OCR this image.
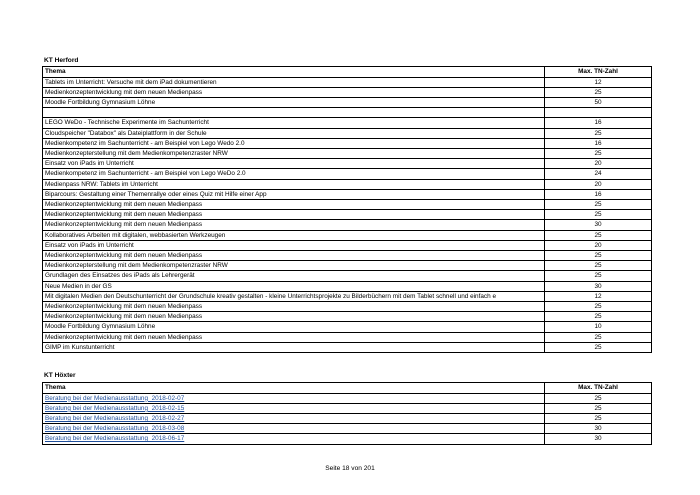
KT Herford
Thema	Max. TN-Zahl
Tablets im Unterricht: Versuche mit dem iPad dokumentieren	12
Medienkonzeptentwicklung mit dem neuen Medienpass	25
Moodle Fortbildung Gymnasium Löhne	50

LEGO WeDo - Technische Experimente im Sachunterricht	16
Cloudspeicher "Databox" als Dateiplattform in der Schule	25
Medienkompetenz im Sachunterricht - am Beispiel von Lego Wedo 2.0	16
Medienkonzepterstellung mit dem Medienkompetenzraster NRW	25
Einsatz von iPads im Unterricht	20
Medienkompetenz im Sachunterricht - am Beispiel von Lego WeDo 2.0	24
Medienpass NRW: Tablets im Unterricht	20
Biparcours: Gestaltung einer Themenrallye oder eines Quiz mit Hilfe einer App	16
Medienkonzeptentwicklung mit dem neuen Medienpass	25
Medienkonzeptentwicklung mit dem neuen Medienpass	25
Medienkonzeptentwicklung mit dem neuen Medienpass	30
Kollaboratives Arbeiten mit digitalen, webbasierten Werkzeugen	25
Einsatz von iPads im Unterricht	20
Medienkonzeptentwicklung mit dem neuen Medienpass	25
Medienkonzepterstellung mit dem Medienkompetenzraster NRW	25
Grundlagen des Einsatzes des iPads als Lehrergerät	25
Neue Medien in der GS	30
Mit digitalen Medien den Deutschunterricht der Grundschule kreativ gestalten - kleine Unterrichtsprojekte zu Bilderbüchern mit dem Tablet schnell und einfach e	12
Medienkonzeptentwicklung mit dem neuen Medienpass	25
Medienkonzeptentwicklung mit dem neuen Medienpass	25
Moodle Fortbildung Gymnasium Löhne	10
Medienkonzeptentwicklung mit dem neuen Medienpass	25
GIMP im Kunstunterricht	25
KT Höxter
Thema	Max. TN-Zahl
Beratung bei der Medienausstattung_2018-02-07	25
Beratung bei der Medienausstattung_2018-02-15	25
Beratung bei der Medienausstattung_2018-02-27	25
Beratung bei der Medienausstattung_2018-03-08	30
Beratung bei der Medienausstattung_2018-06-17	30
Seite 18 von 201
